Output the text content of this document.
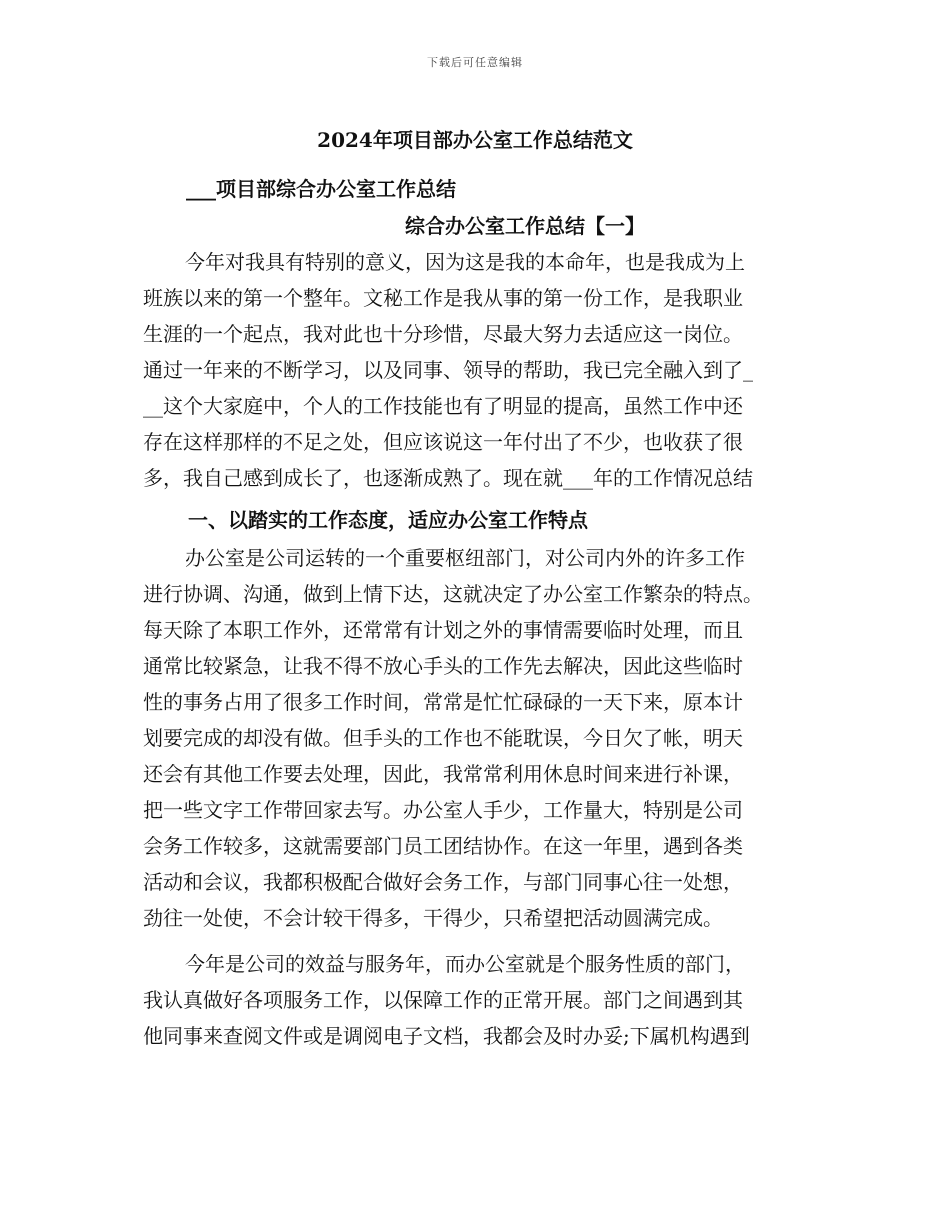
下载后可任意编辑
2024年项目部办公室工作总结范文
___项目部综合办公室工作总结
综合办公室工作总结【一】
今年对我具有特别的意义，因为这是我的本命年，也是我成为上
班族以来的第一个整年。文秘工作是我从事的第一份工作，是我职业
生涯的一个起点，我对此也十分珍惜，尽最大努力去适应这一岗位。
通过一年来的不断学习，以及同事、领导的帮助，我已完全融入到了_
__这个大家庭中，个人的工作技能也有了明显的提高，虽然工作中还
存在这样那样的不足之处，但应该说这一年付出了不少，也收获了很
多，我自己感到成长了，也逐渐成熟了。现在就___年的工作情况总结
一、以踏实的工作态度，适应办公室工作特点
办公室是公司运转的一个重要枢纽部门，对公司内外的许多工作
进行协调、沟通，做到上情下达，这就决定了办公室工作繁杂的特点。
每天除了本职工作外，还常常有计划之外的事情需要临时处理，而且
通常比较紧急，让我不得不放心手头的工作先去解决，因此这些临时
性的事务占用了很多工作时间，常常是忙忙碌碌的一天下来，原本计
划要完成的却没有做。但手头的工作也不能耽误，今日欠了帐，明天
还会有其他工作要去处理，因此，我常常利用休息时间来进行补课，
把一些文字工作带回家去写。办公室人手少，工作量大，特别是公司
会务工作较多，这就需要部门员工团结协作。在这一年里，遇到各类
活动和会议，我都积极配合做好会务工作，与部门同事心往一处想，
劲往一处使，不会计较干得多，干得少，只希望把活动圆满完成。
今年是公司的效益与服务年，而办公室就是个服务性质的部门，
我认真做好各项服务工作，以保障工作的正常开展。部门之间遇到其
他同事来查阅文件或是调阅电子文档，我都会及时办妥;下属机构遇到
